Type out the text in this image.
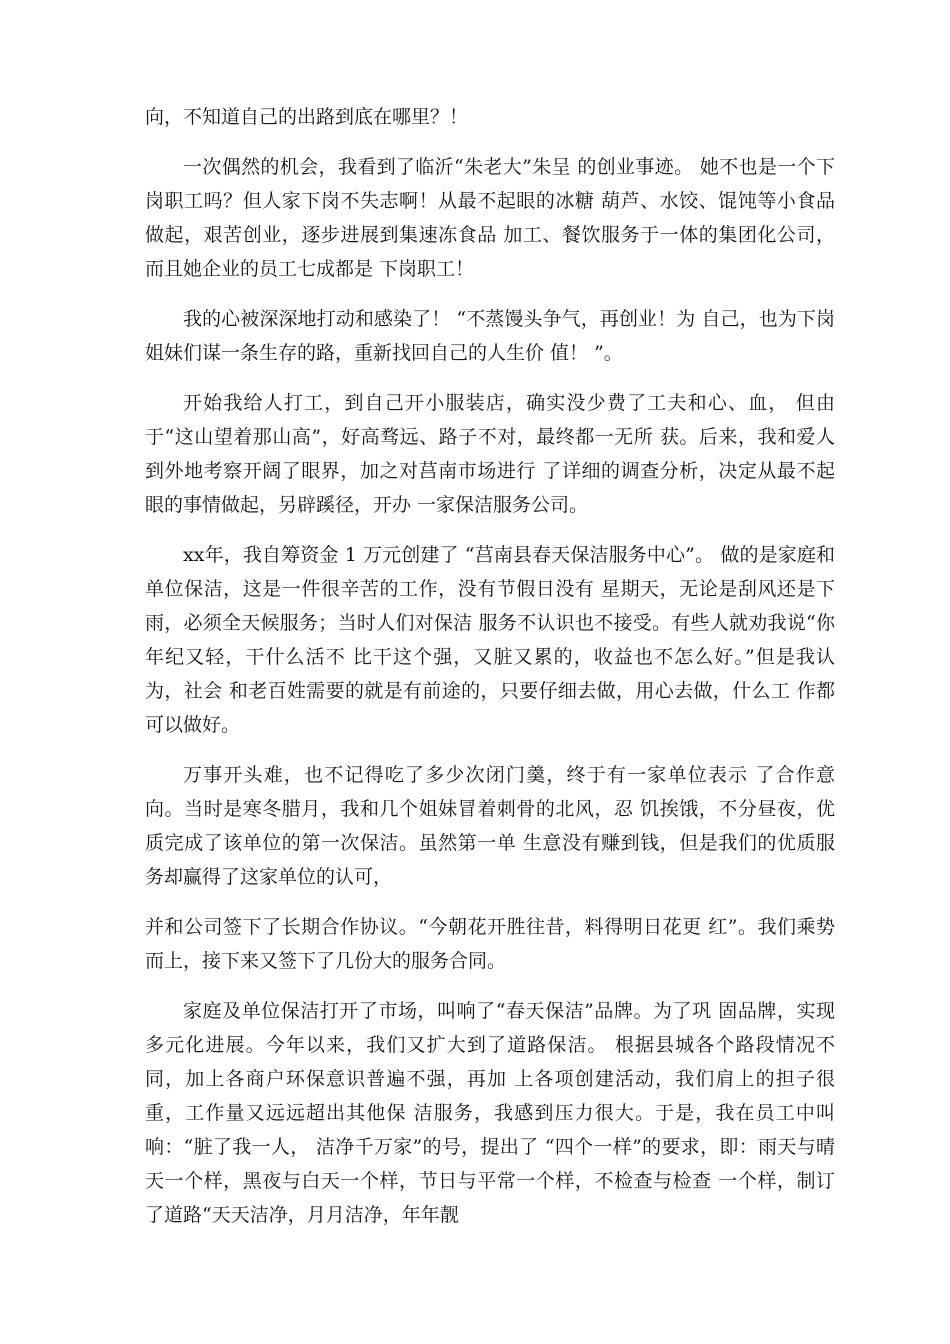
向，不知道自己的出路到底在哪里？！

一次偶然的机会，我看到了临沂“朱老大”朱呈 的创业事迹。 她不也是一个下岗职工吗？但人家下岗不失志啊！从最不起眼的冰糖 葫芦、水饺、馄饨等小食品做起，艰苦创业，逐步进展到集速冻食品 加工、餐饮服务于一体的集团化公司，而且她企业的员工七成都是 下岗职工！

我的心被深深地打动和感染了！ “不蒸馒头争气，再创业！为 自己，也为下岗姐妹们谋一条生存的路，重新找回自己的人生价 值！ ”。

开始我给人打工，到自己开小服装店，确实没少费了工夫和心、血， 但由于“这山望着那山高”，好高骛远、路子不对，最终都一无所 获。后来，我和爱人到外地考察开阔了眼界，加之对莒南市场进行 了详细的调查分析，决定从最不起眼的事情做起，另辟蹊径，开办 一家保洁服务公司。

xx年，我自筹资金 1 万元创建了 “莒南县春天保洁服务中心”。 做的是家庭和单位保洁，这是一件很辛苦的工作，没有节假日没有 星期天，无论是刮风还是下雨，必须全天候服务；当时人们对保洁 服务不认识也不接受。有些人就劝我说“你年纪又轻，干什么活不 比干这个强，又脏又累的，收益也不怎么好。”但是我认为，社会 和老百姓需要的就是有前途的，只要仔细去做，用心去做，什么工 作都可以做好。

万事开头难，也不记得吃了多少次闭门羹，终于有一家单位表示 了合作意向。当时是寒冬腊月，我和几个姐妹冒着刺骨的北风，忍 饥挨饿，不分昼夜，优质完成了该单位的第一次保洁。虽然第一单 生意没有赚到钱，但是我们的优质服务却赢得了这家单位的认可，

并和公司签下了长期合作协议。“今朝花开胜往昔，料得明日花更 红”。我们乘势而上，接下来又签下了几份大的服务合同。

家庭及单位保洁打开了市场，叫响了“春天保洁”品牌。为了巩 固品牌，实现多元化进展。今年以来，我们又扩大到了道路保洁。 根据县城各个路段情况不同，加上各商户环保意识普遍不强，再加 上各项创建活动，我们肩上的担子很重，工作量又远远超出其他保 洁服务，我感到压力很大。于是，我在员工中叫响：“脏了我一人， 洁净千万家”的号，提出了 “四个一样”的要求，即：雨天与晴 天一个样，黑夜与白天一个样，节日与平常一个样，不检查与检查 一个样，制订了道路“天天洁净，月月洁净，年年靓
